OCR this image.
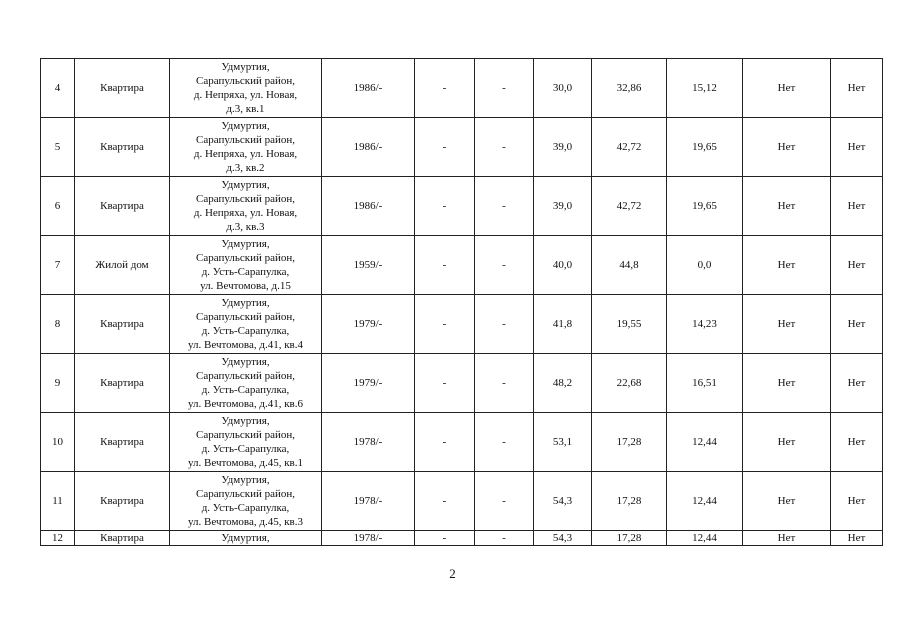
4	Квартира	Удмуртия,
Сарапульский район,
д. Непряха, ул. Новая,
д.3, кв.1	1986/-	-	-	30,0	32,86	15,12	Нет	Нет
5	Квартира	Удмуртия,
Сарапульский район,
д. Непряха, ул. Новая,
д.3, кв.2	1986/-	-	-	39,0	42,72	19,65	Нет	Нет
6	Квартира	Удмуртия,
Сарапульский район,
д. Непряха, ул. Новая,
д.3, кв.3	1986/-	-	-	39,0	42,72	19,65	Нет	Нет
7	Жилой дом	Удмуртия,
Сарапульский район,
д. Усть-Сарапулка,
ул. Вечтомова, д.15	1959/-	-	-	40,0	44,8	0,0	Нет	Нет
8	Квартира	Удмуртия,
Сарапульский район,
д. Усть-Сарапулка,
ул. Вечтомова, д.41, кв.4	1979/-	-	-	41,8	19,55	14,23	Нет	Нет
9	Квартира	Удмуртия,
Сарапульский район,
д. Усть-Сарапулка,
ул. Вечтомова, д.41, кв.6	1979/-	-	-	48,2	22,68	16,51	Нет	Нет
10	Квартира	Удмуртия,
Сарапульский район,
д. Усть-Сарапулка,
ул. Вечтомова, д.45, кв.1	1978/-	-	-	53,1	17,28	12,44	Нет	Нет
11	Квартира	Удмуртия,
Сарапульский район,
д. Усть-Сарапулка,
ул. Вечтомова, д.45, кв.3	1978/-	-	-	54,3	17,28	12,44	Нет	Нет
12	Квартира	Удмуртия,	1978/-	-	-	54,3	17,28	12,44	Нет	Нет
2
